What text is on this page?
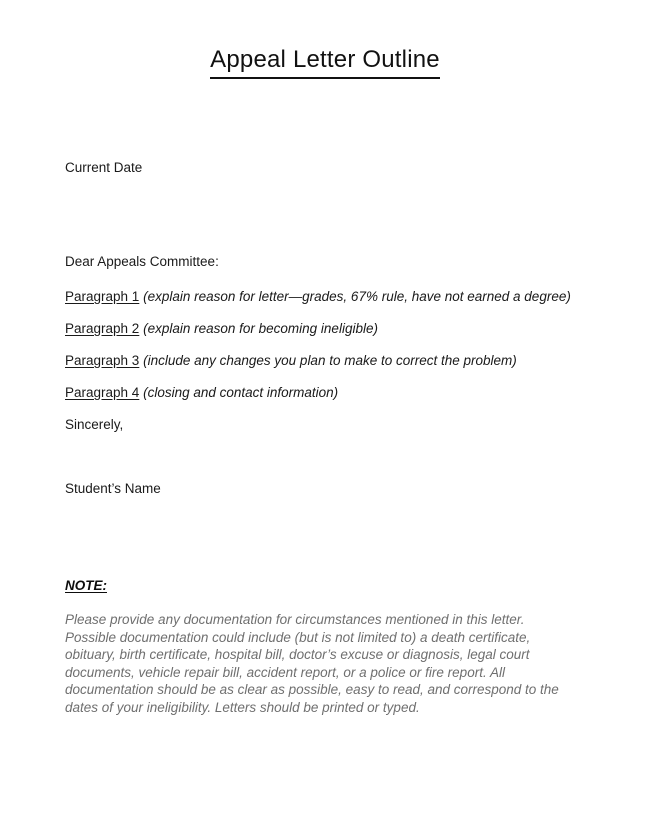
Appeal Letter Outline
Current Date
Dear Appeals Committee:
Paragraph 1 (explain reason for letter—grades, 67% rule, have not earned a degree)
Paragraph 2 (explain reason for becoming ineligible)
Paragraph 3 (include any changes you plan to make to correct the problem)
Paragraph 4 (closing and contact information)
Sincerely,
Student’s Name
NOTE:
Please provide any documentation for circumstances mentioned in this letter. Possible documentation could include (but is not limited to) a death certificate, obituary, birth certificate, hospital bill, doctor’s excuse or diagnosis, legal court documents, vehicle repair bill, accident report, or a police or fire report. All documentation should be as clear as possible, easy to read, and correspond to the dates of your ineligibility. Letters should be printed or typed.
